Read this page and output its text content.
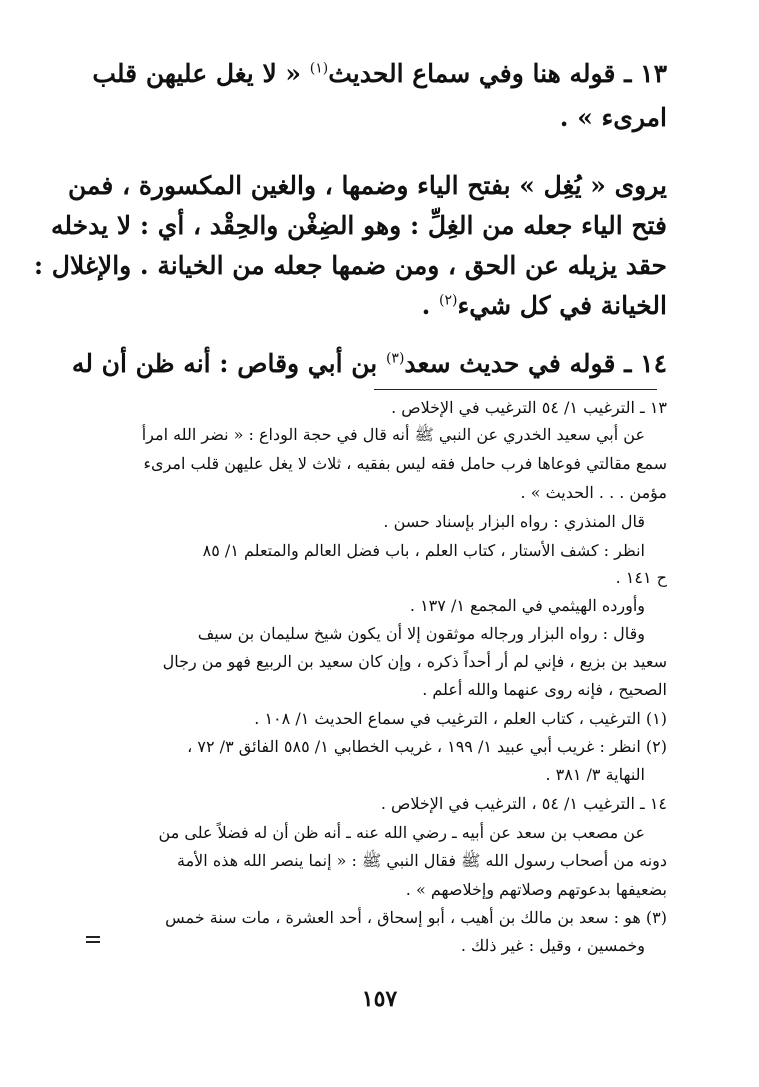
١٣ ـ قوله هنا وفي سماع الحديث$^{(١)}$ « لا يغل عليهن قلب
امرىء » .
يروى « يُغِل » بفتح الياء وضمها ، والغين المكسورة ، فمن
فتح الياء جعله من الغِلِّ : وهو الضِغْن والحِقْد ، أي : لا يدخله
حقد يزيله عن الحق ، ومن ضمها جعله من الخيانة . والإغلال :
الخيانة في كل شيء$^{(٢)}$ .
١٤ ـ قوله في حديث سعد$^{(٣)}$ بن أبي وقاص : أنه ظن أن له
١٣ ـ الترغيب ١/ ٥٤ الترغيب في الإخلاص .
عن أبي سعيد الخدري عن النبي ﷺ أنه قال في حجة الوداع : « نضر الله امرأ
سمع مقالتي فوعاها فرب حامل فقه ليس بفقيه ، ثلاث لا يغل عليهن قلب امرىء
مؤمن . . . الحديث » .
قال المنذري : رواه البزار بإسناد حسن .
انظر : كشف الأستار ، كتاب العلم ، باب فضل العالم والمتعلم ١/ ٨٥
ح ١٤١ .
وأورده الهيثمي في المجمع ١/ ١٣٧ .
وقال : رواه البزار ورجاله موثقون إلا أن يكون شيخ سليمان بن سيف
سعيد بن بزيع ، فإني لم أر أحداً ذكره ، وإن كان سعيد بن الربيع فهو من رجال
الصحيح ، فإنه روى عنهما والله أعلم .
(١) الترغيب ، كتاب العلم ، الترغيب في سماع الحديث ١/ ١٠٨ .
(٢) انظر : غريب أبي عبيد ١/ ١٩٩ ، غريب الخطابي ١/ ٥٨٥ الفائق ٣/ ٧٢ ،
النهاية ٣/ ٣٨١ .
١٤ ـ الترغيب ١/ ٥٤ ، الترغيب في الإخلاص .
عن مصعب بن سعد عن أبيه ـ رضي الله عنه ـ أنه ظن أن له فضلاً على من
دونه من أصحاب رسول الله ﷺ فقال النبي ﷺ : « إنما ينصر الله هذه الأمة
بضعيفها بدعوتهم وصلاتهم وإخلاصهم » .
(٣) هو : سعد بن مالك بن أهيب ، أبو إسحاق ، أحد العشرة ، مات سنة خمس
وخمسين ، وقيل : غير ذلك .
١٥٧
